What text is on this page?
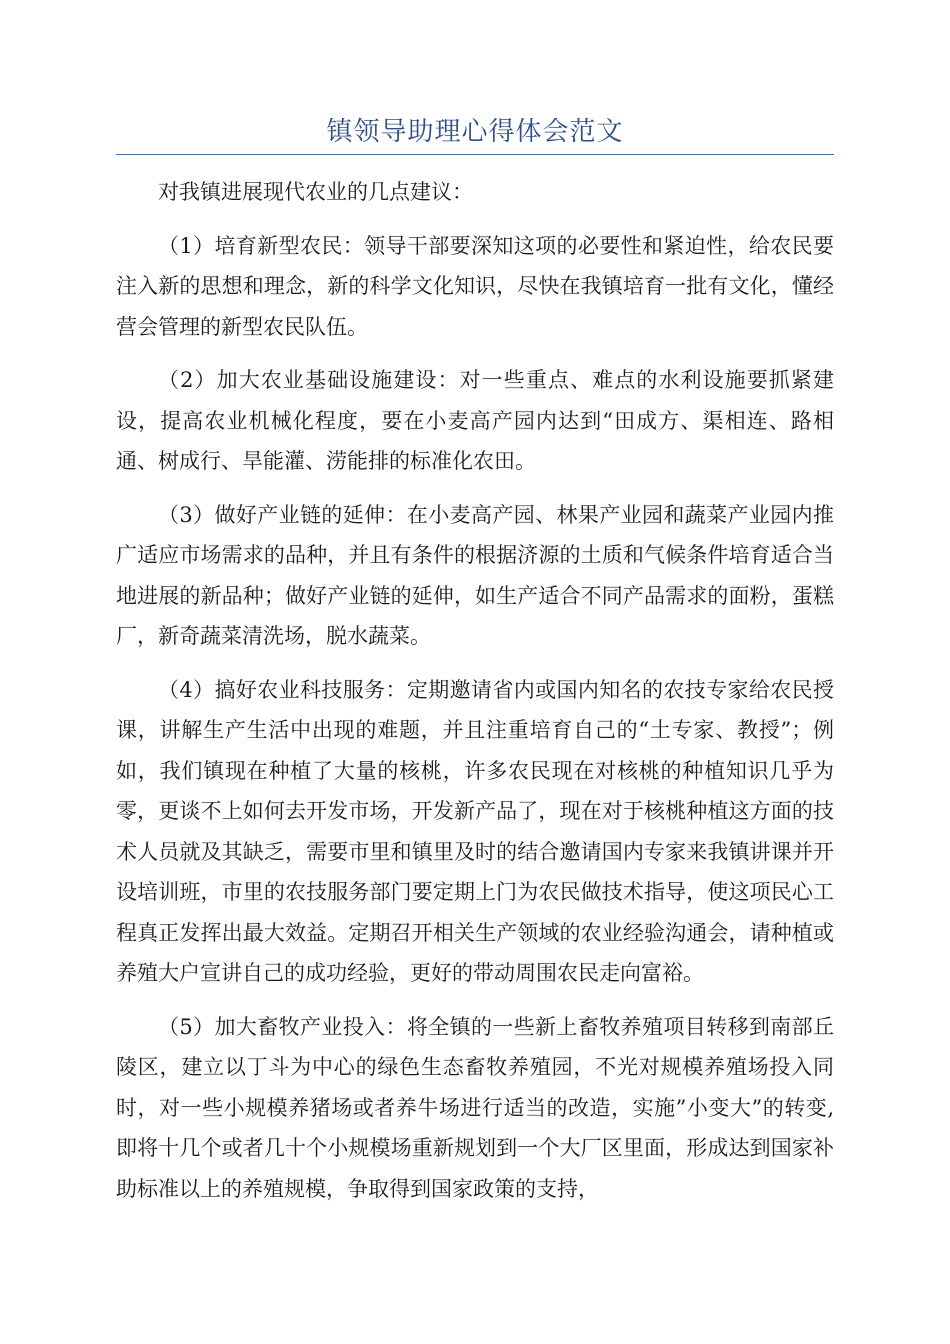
镇领导助理心得体会范文

对我镇进展现代农业的几点建议：

（1）培育新型农民：领导干部要深知这项的必要性和紧迫性，给农民要注入新的思想和理念，新的科学文化知识，尽快在我镇培育一批有文化，懂经营会管理的新型农民队伍。

（2）加大农业基础设施建设：对一些重点、难点的水利设施要抓紧建设，提高农业机械化程度，要在小麦高产园内达到“田成方、渠相连、路相通、树成行、旱能灌、涝能排的标准化农田。

（3）做好产业链的延伸：在小麦高产园、林果产业园和蔬菜产业园内推广适应市场需求的品种，并且有条件的根据济源的土质和气候条件培育适合当地进展的新品种；做好产业链的延伸，如生产适合不同产品需求的面粉，蛋糕厂，新奇蔬菜清洗场，脱水蔬菜。

（4）搞好农业科技服务：定期邀请省内或国内知名的农技专家给农民授课，讲解生产生活中出现的难题，并且注重培育自己的“土专家、教授”；例如，我们镇现在种植了大量的核桃，许多农民现在对核桃的种植知识几乎为零，更谈不上如何去开发市场，开发新产品了，现在对于核桃种植这方面的技术人员就及其缺乏，需要市里和镇里及时的结合邀请国内专家来我镇讲课并开设培训班，市里的农技服务部门要定期上门为农民做技术指导，使这项民心工程真正发挥出最大效益。定期召开相关生产领域的农业经验沟通会，请种植或养殖大户宣讲自己的成功经验，更好的带动周围农民走向富裕。

（5）加大畜牧产业投入：将全镇的一些新上畜牧养殖项目转移到南部丘陵区，建立以丁斗为中心的绿色生态畜牧养殖园，不光对规模养殖场投入同时，对一些小规模养猪场或者养牛场进行适当的改造，实施”小变大”的转变,即将十几个或者几十个小规模场重新规划到一个大厂区里面，形成达到国家补助标准以上的养殖规模，争取得到国家政策的支持，
